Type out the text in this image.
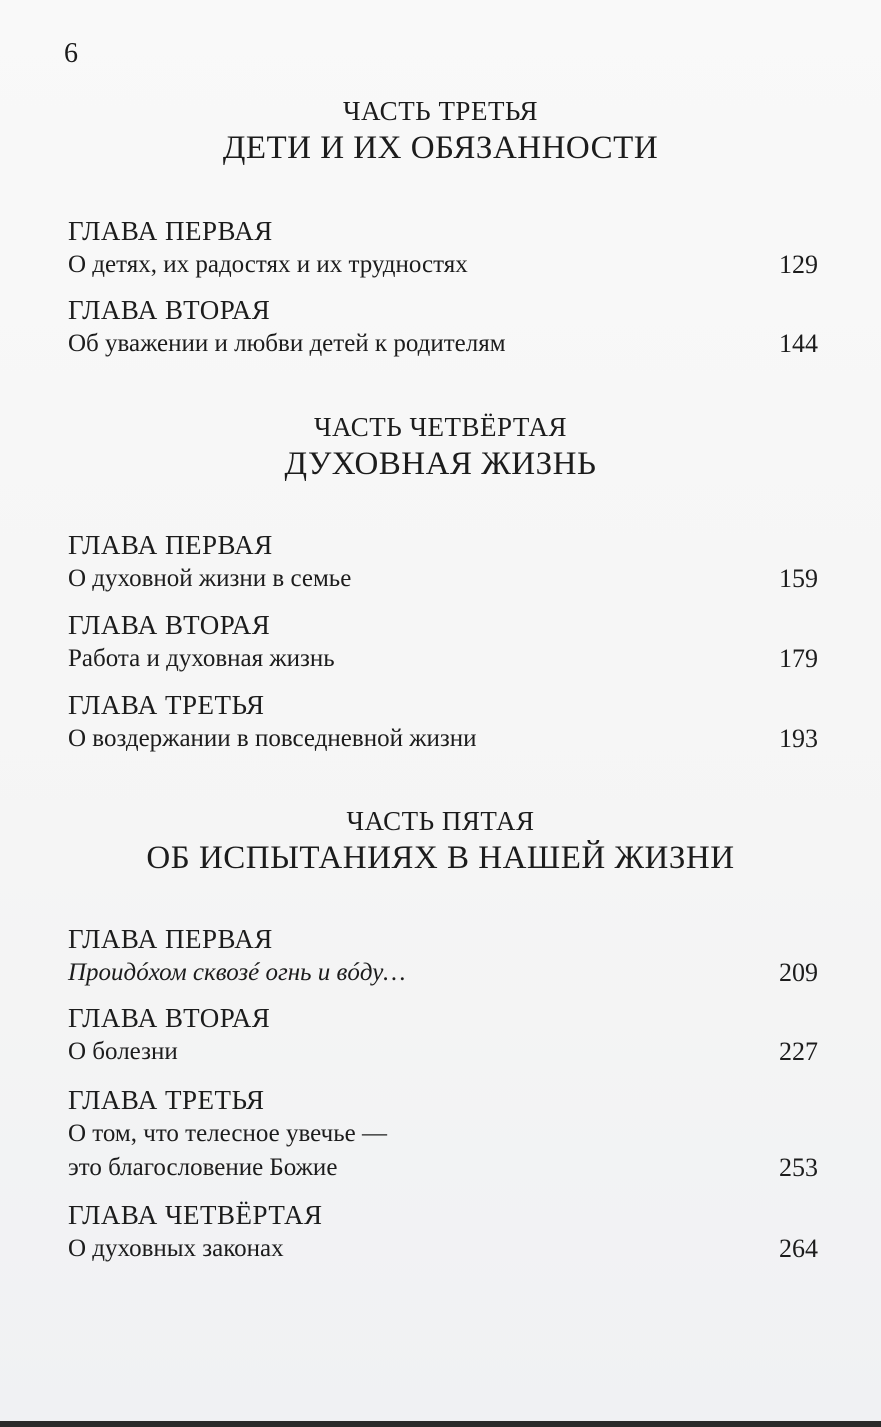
6
ЧАСТЬ ТРЕТЬЯ
ДЕТИ И ИХ ОБЯЗАННОСТИ
ГЛАВА ПЕРВАЯ
О детях, их радостях и их трудностях	129
ГЛАВА ВТОРАЯ
Об уважении и любви детей к родителям	144
ЧАСТЬ ЧЕТВЁРТАЯ
ДУХОВНАЯ ЖИЗНЬ
ГЛАВА ПЕРВАЯ
О духовной жизни в семье	159
ГЛАВА ВТОРАЯ
Работа и духовная жизнь	179
ГЛАВА ТРЕТЬЯ
О воздержании в повседневной жизни	193
ЧАСТЬ ПЯТАЯ
ОБ ИСПЫТАНИЯХ В НАШЕЙ ЖИЗНИ
ГЛАВА ПЕРВАЯ
Проидóхом сквозé огнь и вóду…	209
ГЛАВА ВТОРАЯ
О болезни	227
ГЛАВА ТРЕТЬЯ
О том, что телесное увечье —
это благословение Божие	253
ГЛАВА ЧЕТВЁРТАЯ
О духовных законах	264
